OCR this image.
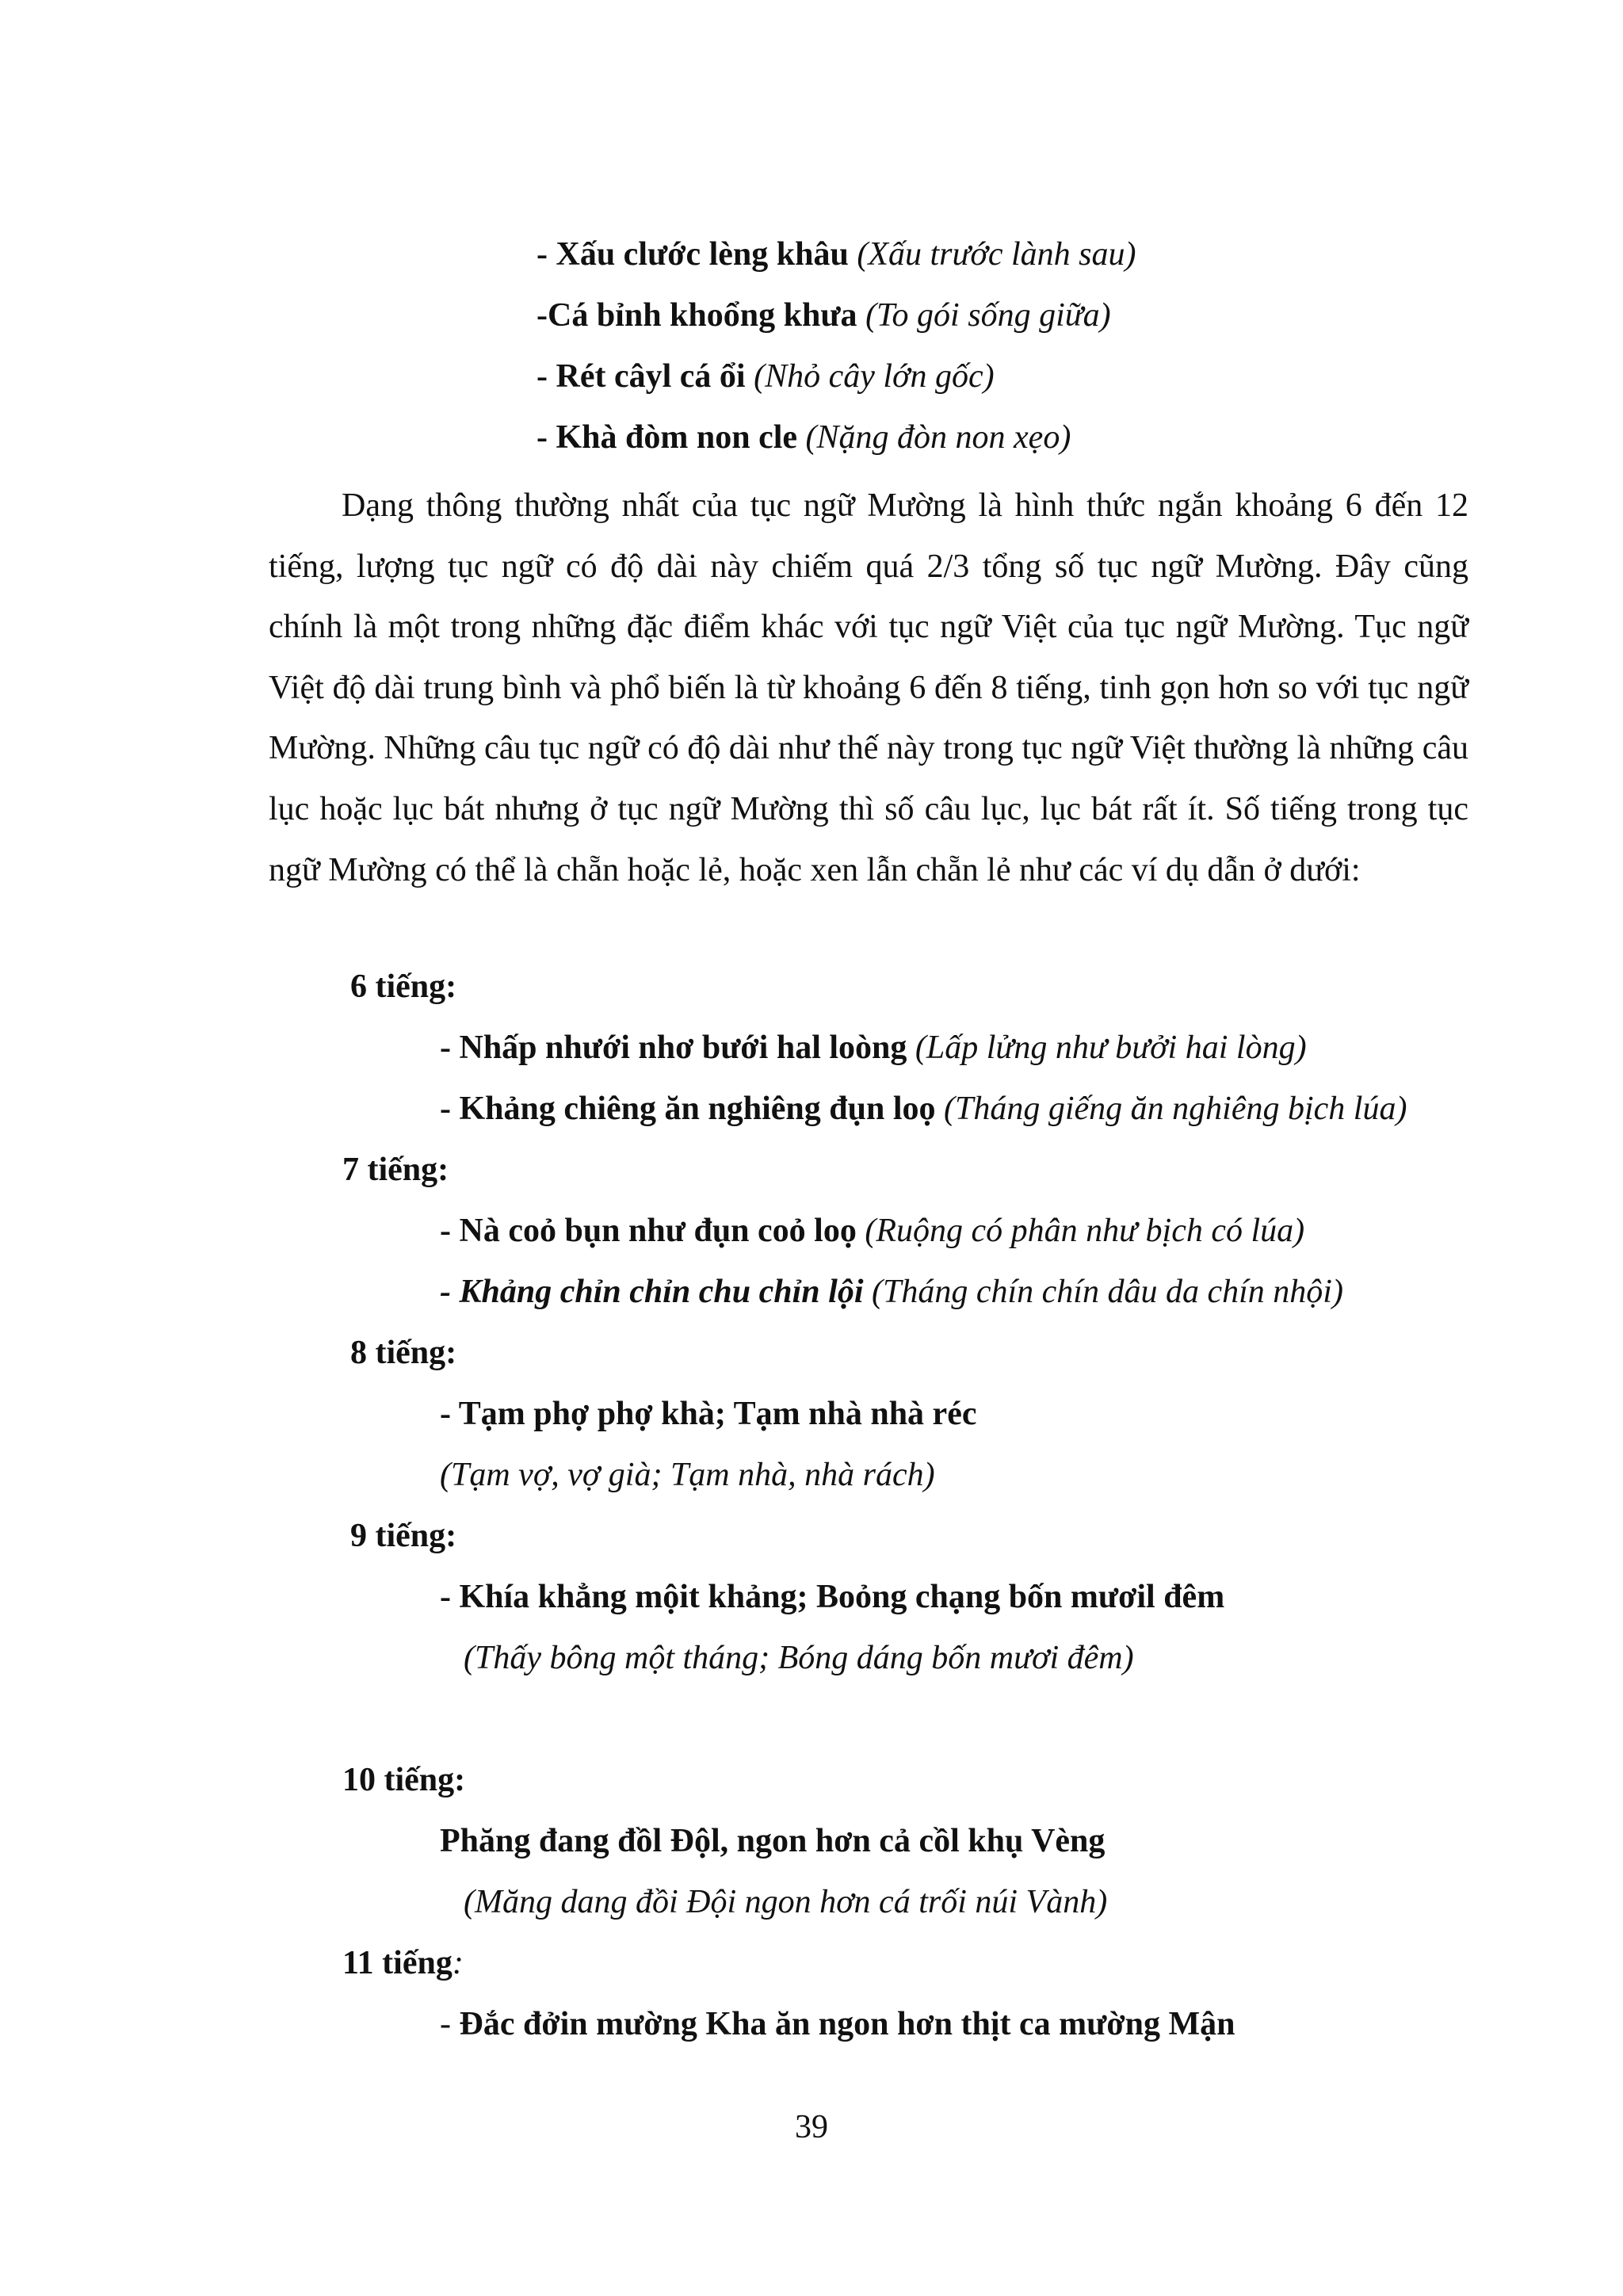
- Xấu clước lèng khâu (Xấu trước lành sau)
-Cá bỉnh khoổng khưa (To gói sống giữa)
- Rét câyl cá ổi (Nhỏ cây lớn gốc)
- Khà đòm non cle (Nặng đòn non xẹo)
Dạng thông thường nhất của tục ngữ Mường là hình thức ngắn khoảng 6 đến 12 tiếng, lượng tục ngữ có độ dài này chiếm quá 2/3 tổng số tục ngữ Mường. Đây cũng chính là một trong những đặc điểm khác với tục ngữ Việt của tục ngữ Mường. Tục ngữ Việt độ dài trung bình và phổ biến là từ khoảng 6 đến 8 tiếng, tinh gọn hơn so với tục ngữ Mường. Những câu tục ngữ có độ dài như thế này trong tục ngữ Việt thường là những câu lục hoặc lục bát nhưng ở tục ngữ Mường thì số câu lục, lục bát rất ít. Số tiếng trong tục ngữ Mường có thể là chẵn hoặc lẻ, hoặc xen lẫn chẵn lẻ như các ví dụ dẫn ở dưới:
6 tiếng:
- Nhấp nhưới nhơ bưới hal loòng (Lấp lửng như bưởi hai lòng)
- Khảng chiêng ăn nghiêng đụn loọ (Tháng giếng ăn nghiêng bịch lúa)
7 tiếng:
- Nà coỏ bụn như đụn coỏ loọ (Ruộng có phân như bịch có lúa)
- Khảng chỉn chỉn chu chỉn lội (Tháng chín chín dâu da chín nhội)
8 tiếng:
- Tạm phợ phợ khà; Tạm nhà nhà réc
(Tạm vợ, vợ già; Tạm nhà, nhà rách)
9 tiếng:
- Khía khẳng mộit khảng; Boỏng chạng bốn mươil đêm
(Thấy bông một tháng; Bóng dáng bốn mươi đêm)
10 tiếng:
Phăng đang đồl Độl, ngon hơn cả cồl khụ Vèng
(Măng dang đồi Đội ngon hơn cá trối núi Vành)
11 tiếng:
- Đắc đởin mường Kha ăn ngon hơn thịt ca mường Mận
39
